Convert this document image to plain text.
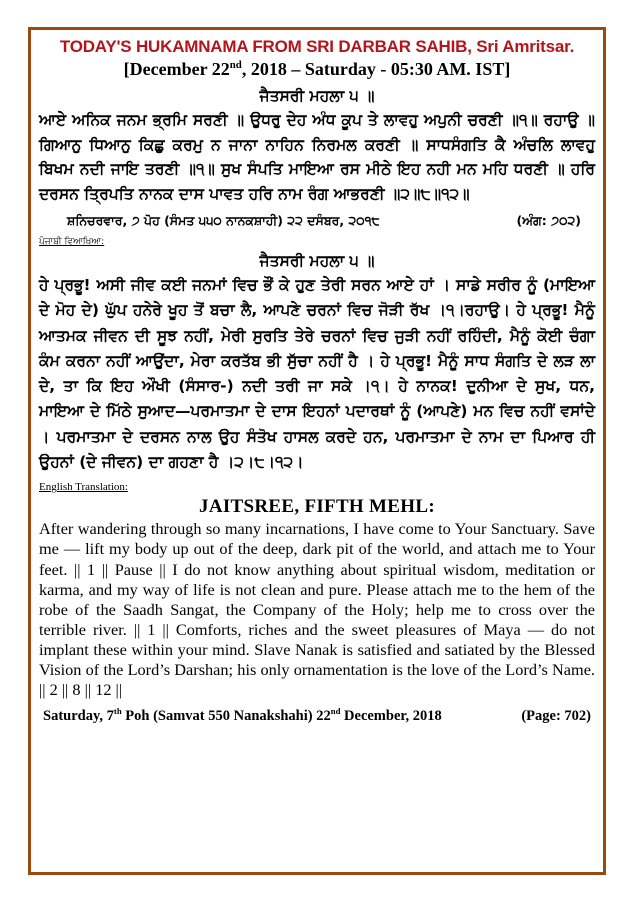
TODAY'S HUKAMNAMA FROM SRI DARBAR SAHIB, Sri Amritsar.
[December 22nd, 2018 – Saturday - 05:30 AM. IST]
ਜੈਤਸਰੀ ਮਹਲਾ ੫ ॥
ਆਏ ਅਨਿਕ ਜਨਮ ਭ੍ਰਮਿ ਸਰਣੀ ॥ ਉਧਰੁ ਦੇਹ ਅੰਧ ਕੂਪ ਤੇ ਲਾਵਹੁ ਅਪੁਨੀ ਚਰਣੀ ॥੧॥ ਰਹਾਉ ॥ ਗਿਆਨੁ ਧਿਆਨੁ ਕਿਛੁ ਕਰਮੁ ਨ ਜਾਨਾ ਨਾਹਿਨ ਨਿਰਮਲ ਕਰਣੀ ॥ ਸਾਧਸੰਗਤਿ ਕੈ ਅੰਚਲਿ ਲਾਵਹੁ ਬਿਖਮ ਨਦੀ ਜਾਇ ਤਰਣੀ ॥੧॥ ਸੁਖ ਸੰਪਤਿ ਮਾਇਆ ਰਸ ਮੀਠੇ ਇਹ ਨਹੀ ਮਨ ਮਹਿ ਧਰਣੀ ॥ ਹਰਿ ਦਰਸਨ ਤ੍ਰਿਪਤਿ ਨਾਨਕ ਦਾਸ ਪਾਵਤ ਹਰਿ ਨਾਮ ਰੰਗ ਆਭਰਣੀ ॥੨॥੮॥੧੨॥
ਸ਼ਨਿਚਰਵਾਰ, ੭ ਪੋਹ (ਸੰਮਤ ੫੫੦ ਨਾਨਕਸ਼ਾਹੀ) ੨੨ ਦਸੰਬਰ, ੨੦੧੮	(ਅੰਗ: ੭੦੨)
ਪੰਜਾਬੀ ਵਿਆਖਿਆ:
ਜੈਤਸਰੀ ਮਹਲਾ ੫ ॥
ਹੇ ਪ੍ਰਭੂ! ਅਸੀ ਜੀਵ ਕਈ ਜਨਮਾਂ ਵਿਚ ਭੌਂ ਕੇ ਹੁਣ ਤੇਰੀ ਸਰਨ ਆਏ ਹਾਂ । ਸਾਡੇ ਸਰੀਰ ਨੂੰ (ਮਾਇਆ ਦੇ ਮੋਹ ਦੇ) ਘੁੱਪ ਹਨੇਰੇ ਖੂਹ ਤੋਂ ਬਚਾ ਲੈ, ਆਪਣੇ ਚਰਨਾਂ ਵਿਚ ਜੋੜੀ ਰੱਖ ।੧।ਰਹਾਉ। ਹੇ ਪ੍ਰਭੂ! ਮੈਨੂੰ ਆਤਮਕ ਜੀਵਨ ਦੀ ਸੂਝ ਨਹੀਂ, ਮੇਰੀ ਸੁਰਤਿ ਤੇਰੇ ਚਰਨਾਂ ਵਿਚ ਜੁੜੀ ਨਹੀਂ ਰਹਿੰਦੀ, ਮੈਨੂੰ ਕੋਈ ਚੰਗਾ ਕੰਮ ਕਰਨਾ ਨਹੀਂ ਆਉਂਦਾ, ਮੇਰਾ ਕਰਤੱਬ ਭੀ ਸੁੱਚਾ ਨਹੀਂ ਹੈ । ਹੇ ਪ੍ਰਭੂ! ਮੈਨੂੰ ਸਾਧ ਸੰਗਤਿ ਦੇ ਲੜ ਲਾ ਦੇ, ਤਾ ਕਿ ਇਹ ਔਖੀ (ਸੰਸਾਰ-) ਨਦੀ ਤਰੀ ਜਾ ਸਕੇ ।੧। ਹੇ ਨਾਨਕ! ਦੁਨੀਆ ਦੇ ਸੁਖ, ਧਨ, ਮਾਇਆ ਦੇ ਮਿੱਠੇ ਸੁਆਦ—ਪਰਮਾਤਮਾ ਦੇ ਦਾਸ ਇਹਨਾਂ ਪਦਾਰਥਾਂ ਨੂੰ (ਆਪਣੇ) ਮਨ ਵਿਚ ਨਹੀਂ ਵਸਾਂਦੇ । ਪਰਮਾਤਮਾ ਦੇ ਦਰਸਨ ਨਾਲ ਉਹ ਸੰਤੋਖ ਹਾਸਲ ਕਰਦੇ ਹਨ, ਪਰਮਾਤਮਾ ਦੇ ਨਾਮ ਦਾ ਪਿਆਰ ਹੀ ਉਹਨਾਂ (ਦੇ ਜੀਵਨ) ਦਾ ਗਹਣਾ ਹੈ ।੨।੮।੧੨।
English Translation:
JAITSREE, FIFTH MEHL:
After wandering through so many incarnations, I have come to Your Sanctuary. Save me — lift my body up out of the deep, dark pit of the world, and attach me to Your feet. || 1 || Pause || I do not know anything about spiritual wisdom, meditation or karma, and my way of life is not clean and pure. Please attach me to the hem of the robe of the Saadh Sangat, the Company of the Holy; help me to cross over the terrible river. || 1 || Comforts, riches and the sweet pleasures of Maya — do not implant these within your mind. Slave Nanak is satisfied and satiated by the Blessed Vision of the Lord’s Darshan; his only ornamentation is the love of the Lord’s Name. || 2 || 8 || 12 ||
Saturday, 7th Poh (Samvat 550 Nanakshahi) 22nd December, 2018	(Page: 702)
